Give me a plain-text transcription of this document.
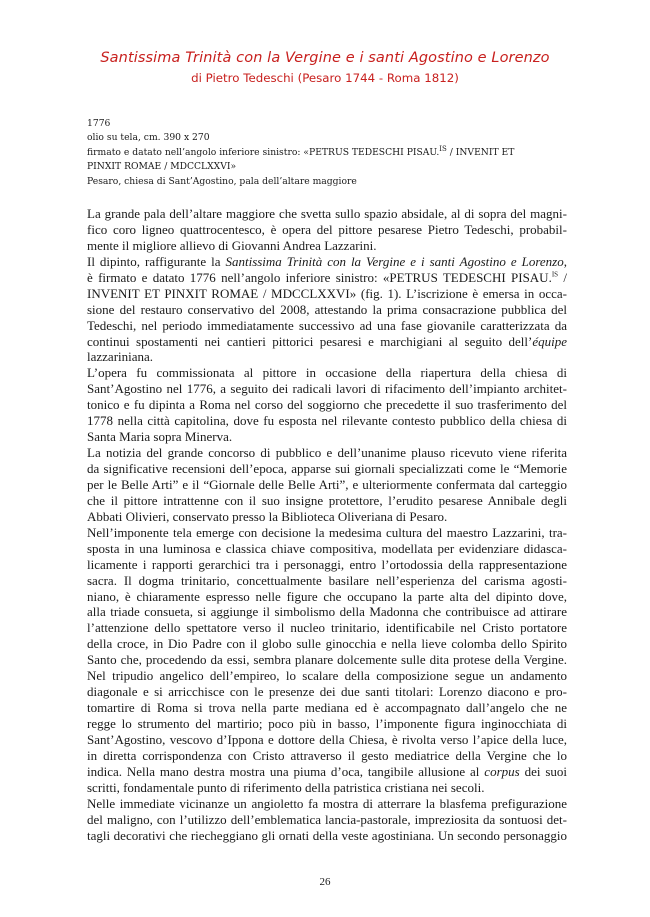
Santissima Trinità con la Vergine e i santi Agostino e Lorenzo
di Pietro Tedeschi (Pesaro 1744 - Roma 1812)
1776
olio su tela, cm. 390 x 270
firmato e datato nell’angolo inferiore sinistro: «PETRUS TEDESCHI PISAU.$^{IS}$ / INVENIT ET
PINXIT ROMAE / MDCCLXXVI»
Pesaro, chiesa di Sant’Agostino, pala dell’altare maggiore
La grande pala dell’altare maggiore che svetta sullo spazio absidale, al di sopra del magni-
fico coro ligneo quattrocentesco, è opera del pittore pesarese Pietro Tedeschi, probabil-
mente il migliore allievo di Giovanni Andrea Lazzarini.
Il dipinto, raffigurante la Santissima Trinità con la Vergine e i santi Agostino e Lorenzo,
è firmato e datato 1776 nell’angolo inferiore sinistro: «PETRUS TEDESCHI PISAU.$^{IS}$ /
INVENIT ET PINXIT ROMAE / MDCCLXXVI» (fig. 1). L’iscrizione è emersa in occa-
sione del restauro conservativo del 2008, attestando la prima consacrazione pubblica del
Tedeschi, nel periodo immediatamente successivo ad una fase giovanile caratterizzata da
continui spostamenti nei cantieri pittorici pesaresi e marchigiani al seguito dell’équipe
lazzariniana.
L’opera fu commissionata al pittore in occasione della riapertura della chiesa di
Sant’Agostino nel 1776, a seguito dei radicali lavori di rifacimento dell’impianto architet-
tonico e fu dipinta a Roma nel corso del soggiorno che precedette il suo trasferimento del
1778 nella città capitolina, dove fu esposta nel rilevante contesto pubblico della chiesa di
Santa Maria sopra Minerva.
La notizia del grande concorso di pubblico e dell’unanime plauso ricevuto viene riferita
da significative recensioni dell’epoca, apparse sui giornali specializzati come le “Memorie
per le Belle Arti” e il “Giornale delle Belle Arti”, e ulteriormente confermata dal carteggio
che il pittore intrattenne con il suo insigne protettore, l’erudito pesarese Annibale degli
Abbati Olivieri, conservato presso la Biblioteca Oliveriana di Pesaro.
Nell’imponente tela emerge con decisione la medesima cultura del maestro Lazzarini, tra-
sposta in una luminosa e classica chiave compositiva, modellata per evidenziare didasca-
licamente i rapporti gerarchici tra i personaggi, entro l’ortodossia della rappresentazione
sacra. Il dogma trinitario, concettualmente basilare nell’esperienza del carisma agosti-
niano, è chiaramente espresso nelle figure che occupano la parte alta del dipinto dove,
alla triade consueta, si aggiunge il simbolismo della Madonna che contribuisce ad attirare
l’attenzione dello spettatore verso il nucleo trinitario, identificabile nel Cristo portatore
della croce, in Dio Padre con il globo sulle ginocchia e nella lieve colomba dello Spirito
Santo che, procedendo da essi, sembra planare dolcemente sulle dita protese della Vergine.
Nel tripudio angelico dell’empireo, lo scalare della composizione segue un andamento
diagonale e si arricchisce con le presenze dei due santi titolari: Lorenzo diacono e pro-
tomartire di Roma si trova nella parte mediana ed è accompagnato dall’angelo che ne
regge lo strumento del martirio; poco più in basso, l’imponente figura inginocchiata di
Sant’Agostino, vescovo d’Ippona e dottore della Chiesa, è rivolta verso l’apice della luce,
in diretta corrispondenza con Cristo attraverso il gesto mediatrice della Vergine che lo
indica. Nella mano destra mostra una piuma d’oca, tangibile allusione al corpus dei suoi
scritti, fondamentale punto di riferimento della patristica cristiana nei secoli.
Nelle immediate vicinanze un angioletto fa mostra di atterrare la blasfema prefigurazione
del maligno, con l’utilizzo dell’emblematica lancia-pastorale, impreziosita da sontuosi det-
tagli decorativi che riecheggiano gli ornati della veste agostiniana. Un secondo personaggio
26
